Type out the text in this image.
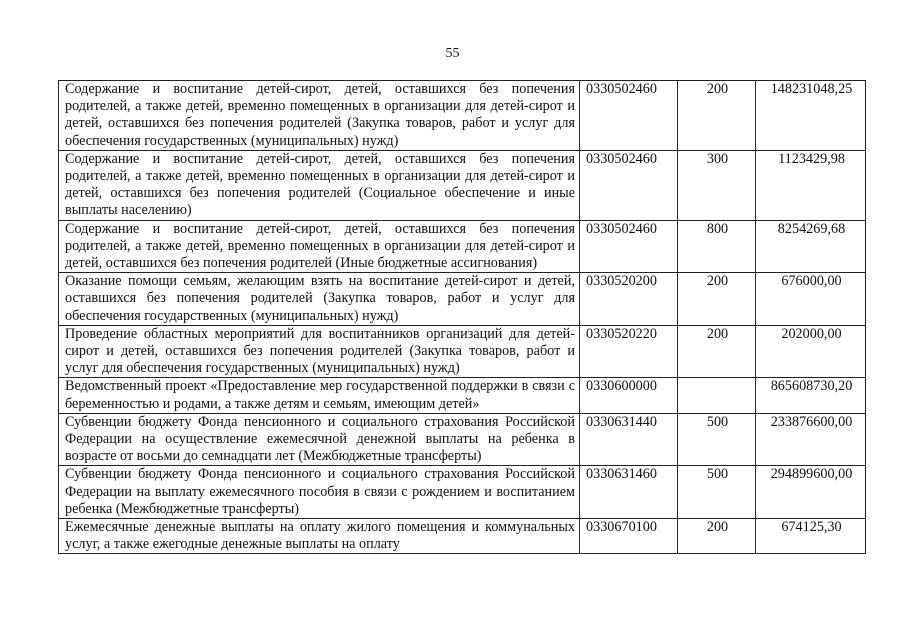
55
Содержание и воспитание детей-сирот, детей, оставшихся без попечения родителей, а также детей, временно помещенных в организации для детей-сирот и детей, оставшихся без попечения родителей (Закупка товаров, работ и услуг для обеспечения государственных (муниципальных) нужд)	0330502460	200	148231048,25
Содержание и воспитание детей-сирот, детей, оставшихся без попечения родителей, а также детей, временно помещенных в организации для детей-сирот и детей, оставшихся без попечения родителей (Социальное обеспечение и иные выплаты населению)	0330502460	300	1123429,98
Содержание и воспитание детей-сирот, детей, оставшихся без попечения родителей, а также детей, временно помещенных в организации для детей-сирот и детей, оставшихся без попечения родителей (Иные бюджетные ассигнования)	0330502460	800	8254269,68
Оказание помощи семьям, желающим взять на воспитание детей-сирот и детей, оставшихся без попечения родителей (Закупка товаров, работ и услуг для обеспечения государственных (муниципальных) нужд)	0330520200	200	676000,00
Проведение областных мероприятий для воспитанников организаций для детей-сирот и детей, оставшихся без попечения родителей (Закупка товаров, работ и услуг для обеспечения государственных (муниципальных) нужд)	0330520220	200	202000,00
Ведомственный проект «Предоставление мер государственной поддержки в связи с беременностью и родами, а также детям и семьям, имеющим детей»	0330600000		865608730,20
Субвенции бюджету Фонда пенсионного и социального страхования Российской Федерации на осуществление ежемесячной денежной выплаты на ребенка в возрасте от восьми до семнадцати лет (Межбюджетные трансферты)	0330631440	500	233876600,00
Субвенции бюджету Фонда пенсионного и социального страхования Российской Федерации на выплату ежемесячного пособия в связи с рождением и воспитанием ребенка (Межбюджетные трансферты)	0330631460	500	294899600,00
Ежемесячные денежные выплаты на оплату жилого помещения и коммунальных услуг, а также ежегодные денежные выплаты на оплату	0330670100	200	674125,30
